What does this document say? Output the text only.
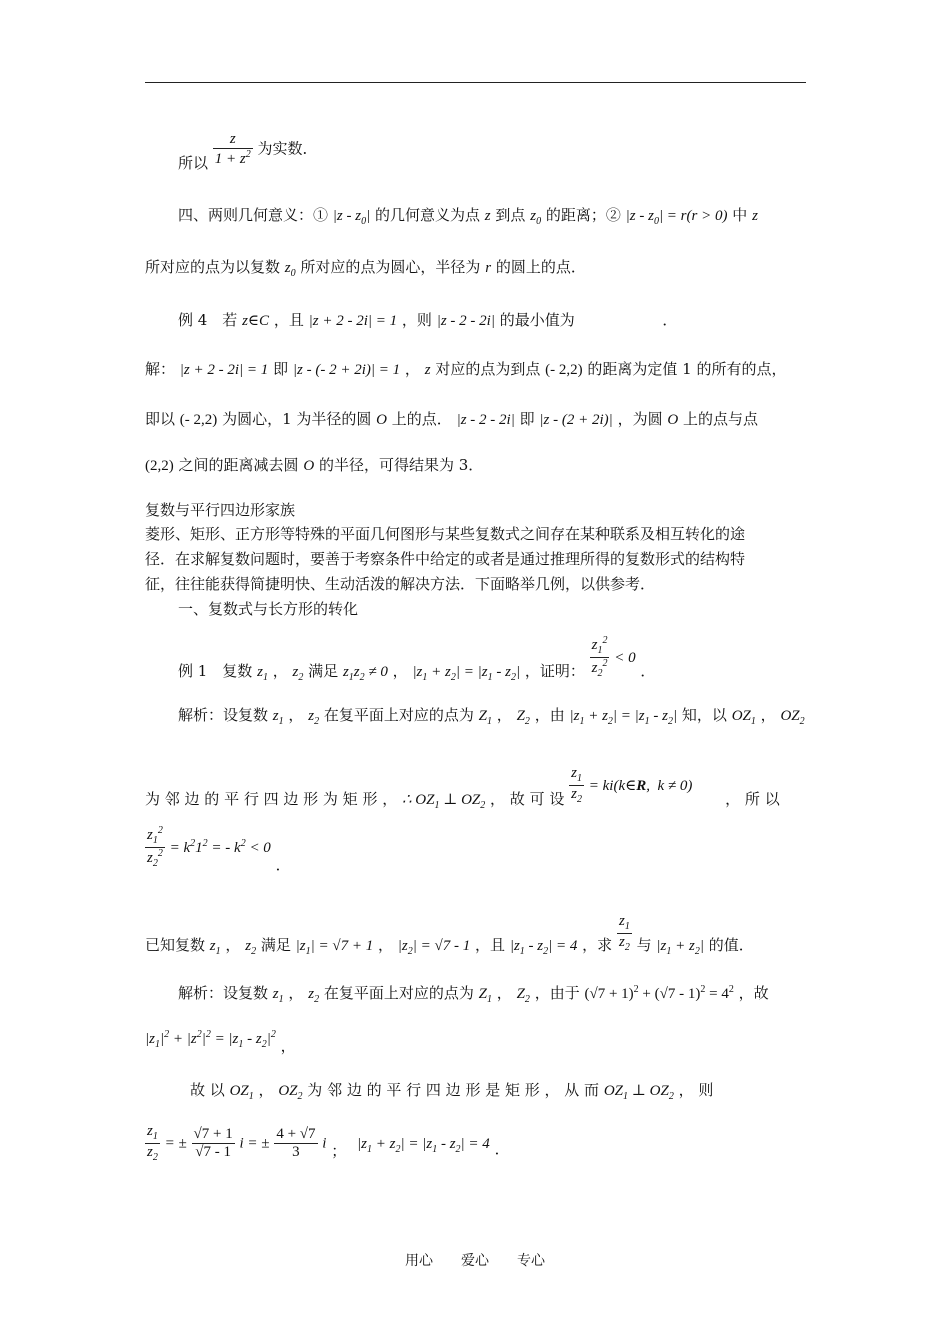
所以 $\frac{z}{1 + z^2}$ 为实数．
四、两则几何意义：① $|z - z_0|$ 的几何意义为点 z 到点 $z_0$ 的距离；② $|z - z_0| = r(r > 0)$ 中 z
所对应的点为以复数 $z_0$ 所对应的点为圆心，半径为 r 的圆上的点．
例 4　若 z∈C ，且 |z + 2 - 2i| = 1 ，则 |z - 2 - 2i| 的最小值为	．
解： |z + 2 - 2i| = 1 即 |z - (- 2 + 2i)| = 1 ， z 对应的点为到点 (- 2,2) 的距离为定值 1 的所有的点，
即以 (- 2,2) 为圆心，1 为半径的圆 O 上的点． |z - 2 - 2i| 即 |z - (2 + 2i)| ，为圆 O 上的点与点
(2,2) 之间的距离减去圆 O 的半径，可得结果为 3．
复数与平行四边形家族
菱形、矩形、正方形等特殊的平面几何图形与某些复数式之间存在某种联系及相互转化的途
径．在求解复数问题时，要善于考察条件中给定的或者是通过推理所得的复数形式的结构特
征，往往能获得简捷明快、生动活泼的解决方法．下面略举几例，以供参考．
一、复数式与长方形的转化
例 1　复数 $z_1$ ， $z_2$ 满足 $z_1z_2 \ne 0$ ， $|z_1 + z_2| = |z_1 - z_2|$ ，证明： $\frac{z_1^2}{z_2^2} < 0$ ．
解析：设复数 $z_1$ ， $z_2$ 在复平面上对应的点为 $Z_1$ ， $Z_2$ ，由 $|z_1 + z_2| = |z_1 - z_2|$ 知，以 $OZ_1$ ， $OZ_2$
为 邻 边 的 平 行 四 边 形 为 矩 形 ， ∴ $OZ_1$ ⊥ $OZ_2$ ， 故 可 设 $\frac{z_1}{z_2}$ = ki(k∈R,  k ≠ 0) ， 所 以
$\frac{z_1^2}{z_2^2} = k^21^2$ = - $k^2 < 0$ ．
已知复数 $z_1$ ， $z_2$ 满足 $|z_1| = √7 + 1$ ， $|z_2| = √7 - 1$ ，且 $|z_1 - z_2| = 4$ ，求 $\frac{z_1}{z_2}$ 与 $|z_1 + z_2|$ 的值．
解析：设复数 $z_1$ ， $z_2$ 在复平面上对应的点为 $Z_1$ ， $Z_2$ ，由于 $(√7 + 1)^2 + (√7 - 1)^2 = 4^2$ ，故
$|z_1|^2 + |z^2|^2 = |z_1 - z_2|^2$ ，
故 以 $OZ_1$ ， $OZ_2$ 为 邻 边 的 平 行 四 边 形 是 矩 形 ， 从 而 $OZ_1$ ⊥ $OZ_2$ ， 则
$\frac{z_1}{z_2}$ = ± $\frac{√7 + 1}{√7 - 1}$ i = ± $\frac{4 + √7}{3}$ i ； $|z_1 + z_2| = |z_1 - z_2| = 4$ ．
用心　　爱心　　专心
